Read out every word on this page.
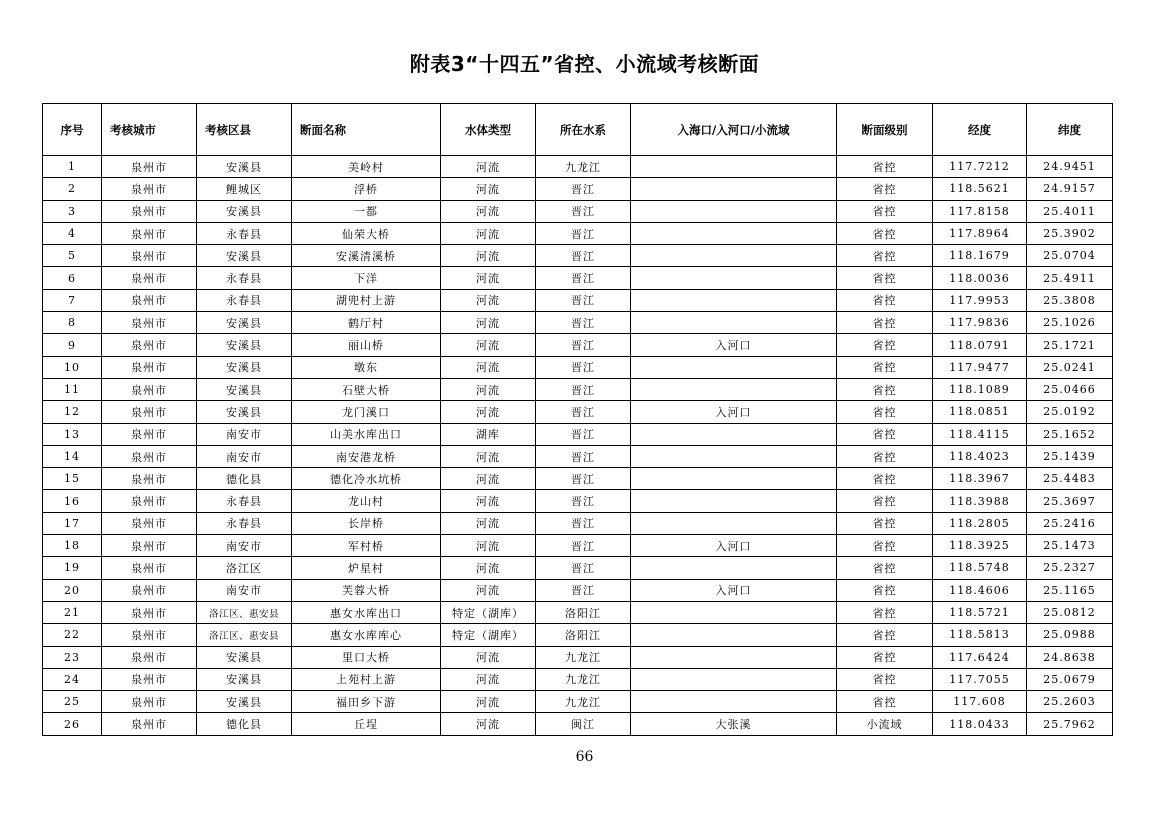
附表3“十四五”省控、小流域考核断面
序号	考核城市	考核区县	断面名称	水体类型	所在水系	入海口/入河口/小流域	断面级别	经度	纬度
1	泉州市	安溪县	美岭村	河流	九龙江		省控	117.7212	24.9451
2	泉州市	鲤城区	浮桥	河流	晋江		省控	118.5621	24.9157
3	泉州市	安溪县	一都	河流	晋江		省控	117.8158	25.4011
4	泉州市	永春县	仙荣大桥	河流	晋江		省控	117.8964	25.3902
5	泉州市	安溪县	安溪清溪桥	河流	晋江		省控	118.1679	25.0704
6	泉州市	永春县	下洋	河流	晋江		省控	118.0036	25.4911
7	泉州市	永春县	湖兜村上游	河流	晋江		省控	117.9953	25.3808
8	泉州市	安溪县	鹤厅村	河流	晋江		省控	117.9836	25.1026
9	泉州市	安溪县	丽山桥	河流	晋江	入河口	省控	118.0791	25.1721
10	泉州市	安溪县	墩东	河流	晋江		省控	117.9477	25.0241
11	泉州市	安溪县	石壁大桥	河流	晋江		省控	118.1089	25.0466
12	泉州市	安溪县	龙门溪口	河流	晋江	入河口	省控	118.0851	25.0192
13	泉州市	南安市	山美水库出口	湖库	晋江		省控	118.4115	25.1652
14	泉州市	南安市	南安港龙桥	河流	晋江		省控	118.4023	25.1439
15	泉州市	德化县	德化冷水坑桥	河流	晋江		省控	118.3967	25.4483
16	泉州市	永春县	龙山村	河流	晋江		省控	118.3988	25.3697
17	泉州市	永春县	长岸桥	河流	晋江		省控	118.2805	25.2416
18	泉州市	南安市	军村桥	河流	晋江	入河口	省控	118.3925	25.1473
19	泉州市	洛江区	炉星村	河流	晋江		省控	118.5748	25.2327
20	泉州市	南安市	芙蓉大桥	河流	晋江	入河口	省控	118.4606	25.1165
21	泉州市	洛江区、惠安县	惠女水库出口	特定（湖库）	洛阳江		省控	118.5721	25.0812
22	泉州市	洛江区、惠安县	惠女水库库心	特定（湖库）	洛阳江		省控	118.5813	25.0988
23	泉州市	安溪县	里口大桥	河流	九龙江		省控	117.6424	24.8638
24	泉州市	安溪县	上苑村上游	河流	九龙江		省控	117.7055	25.0679
25	泉州市	安溪县	福田乡下游	河流	九龙江		省控	117.608	25.2603
26	泉州市	德化县	丘埕	河流	闽江	大张溪	小流域	118.0433	25.7962
66
